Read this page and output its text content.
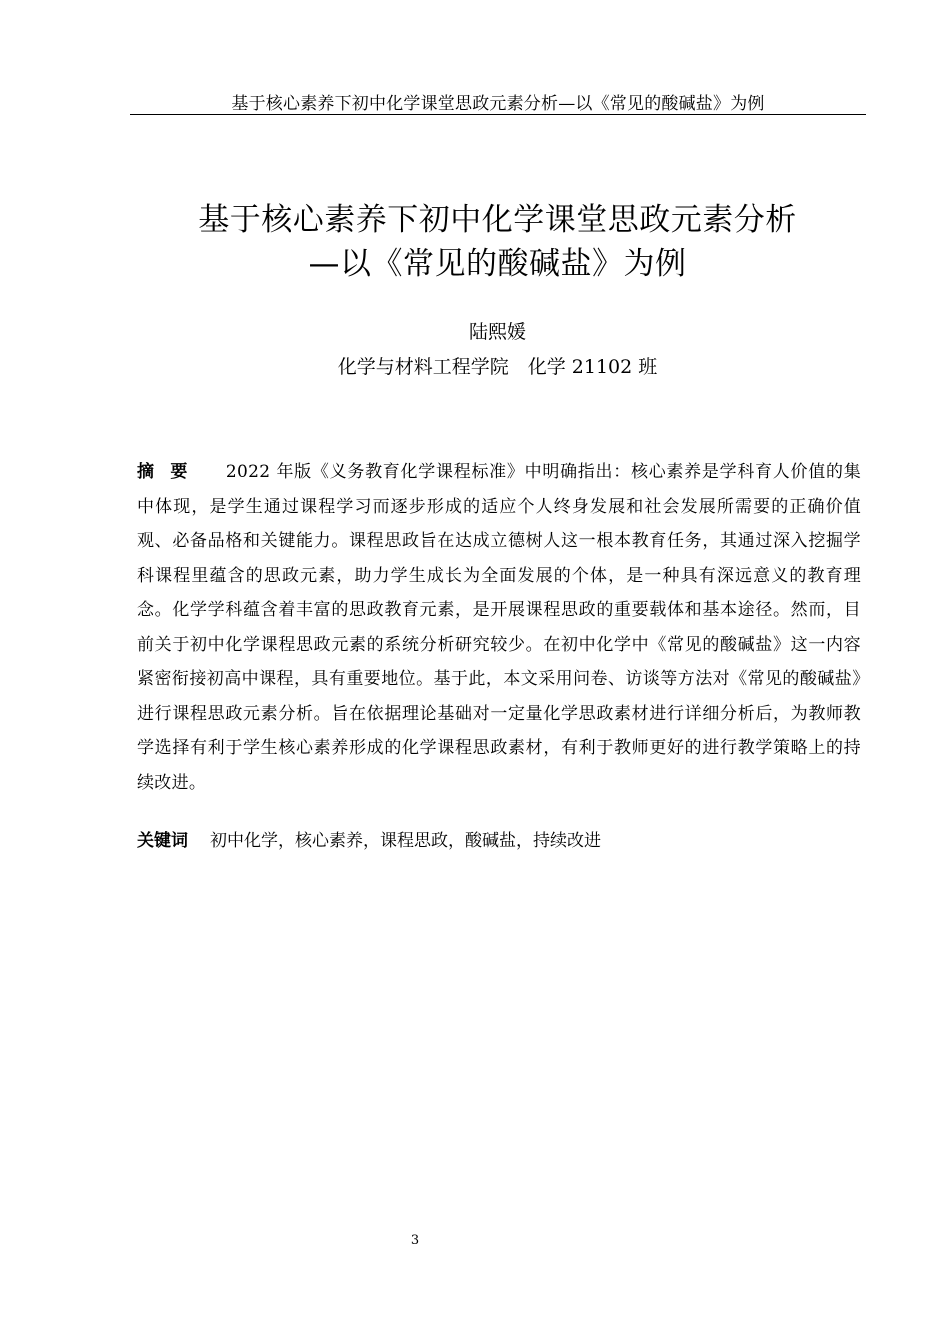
基于核心素养下初中化学课堂思政元素分析—以《常见的酸碱盐》为例
基于核心素养下初中化学课堂思政元素分析
—以《常见的酸碱盐》为例
陆熙媛
化学与材料工程学院　化学 21102 班
摘要 2022 年版《义务教育化学课程标准》中明确指出：核心素养是学科育人价值的集中体现，是学生通过课程学习而逐步形成的适应个人终身发展和社会发展所需要的正确价值观、必备品格和关键能力。课程思政旨在达成立德树人这一根本教育任务，其通过深入挖掘学科课程里蕴含的思政元素，助力学生成长为全面发展的个体，是一种具有深远意义的教育理念。化学学科蕴含着丰富的思政教育元素，是开展课程思政的重要载体和基本途径。然而，目前关于初中化学课程思政元素的系统分析研究较少。在初中化学中《常见的酸碱盐》这一内容紧密衔接初高中课程，具有重要地位。基于此，本文采用问卷、访谈等方法对《常见的酸碱盐》进行课程思政元素分析。旨在依据理论基础对一定量化学思政素材进行详细分析后，为教师教学选择有利于学生核心素养形成的化学课程思政素材，有利于教师更好的进行教学策略上的持续改进。
关键词 初中化学，核心素养，课程思政，酸碱盐，持续改进
3
